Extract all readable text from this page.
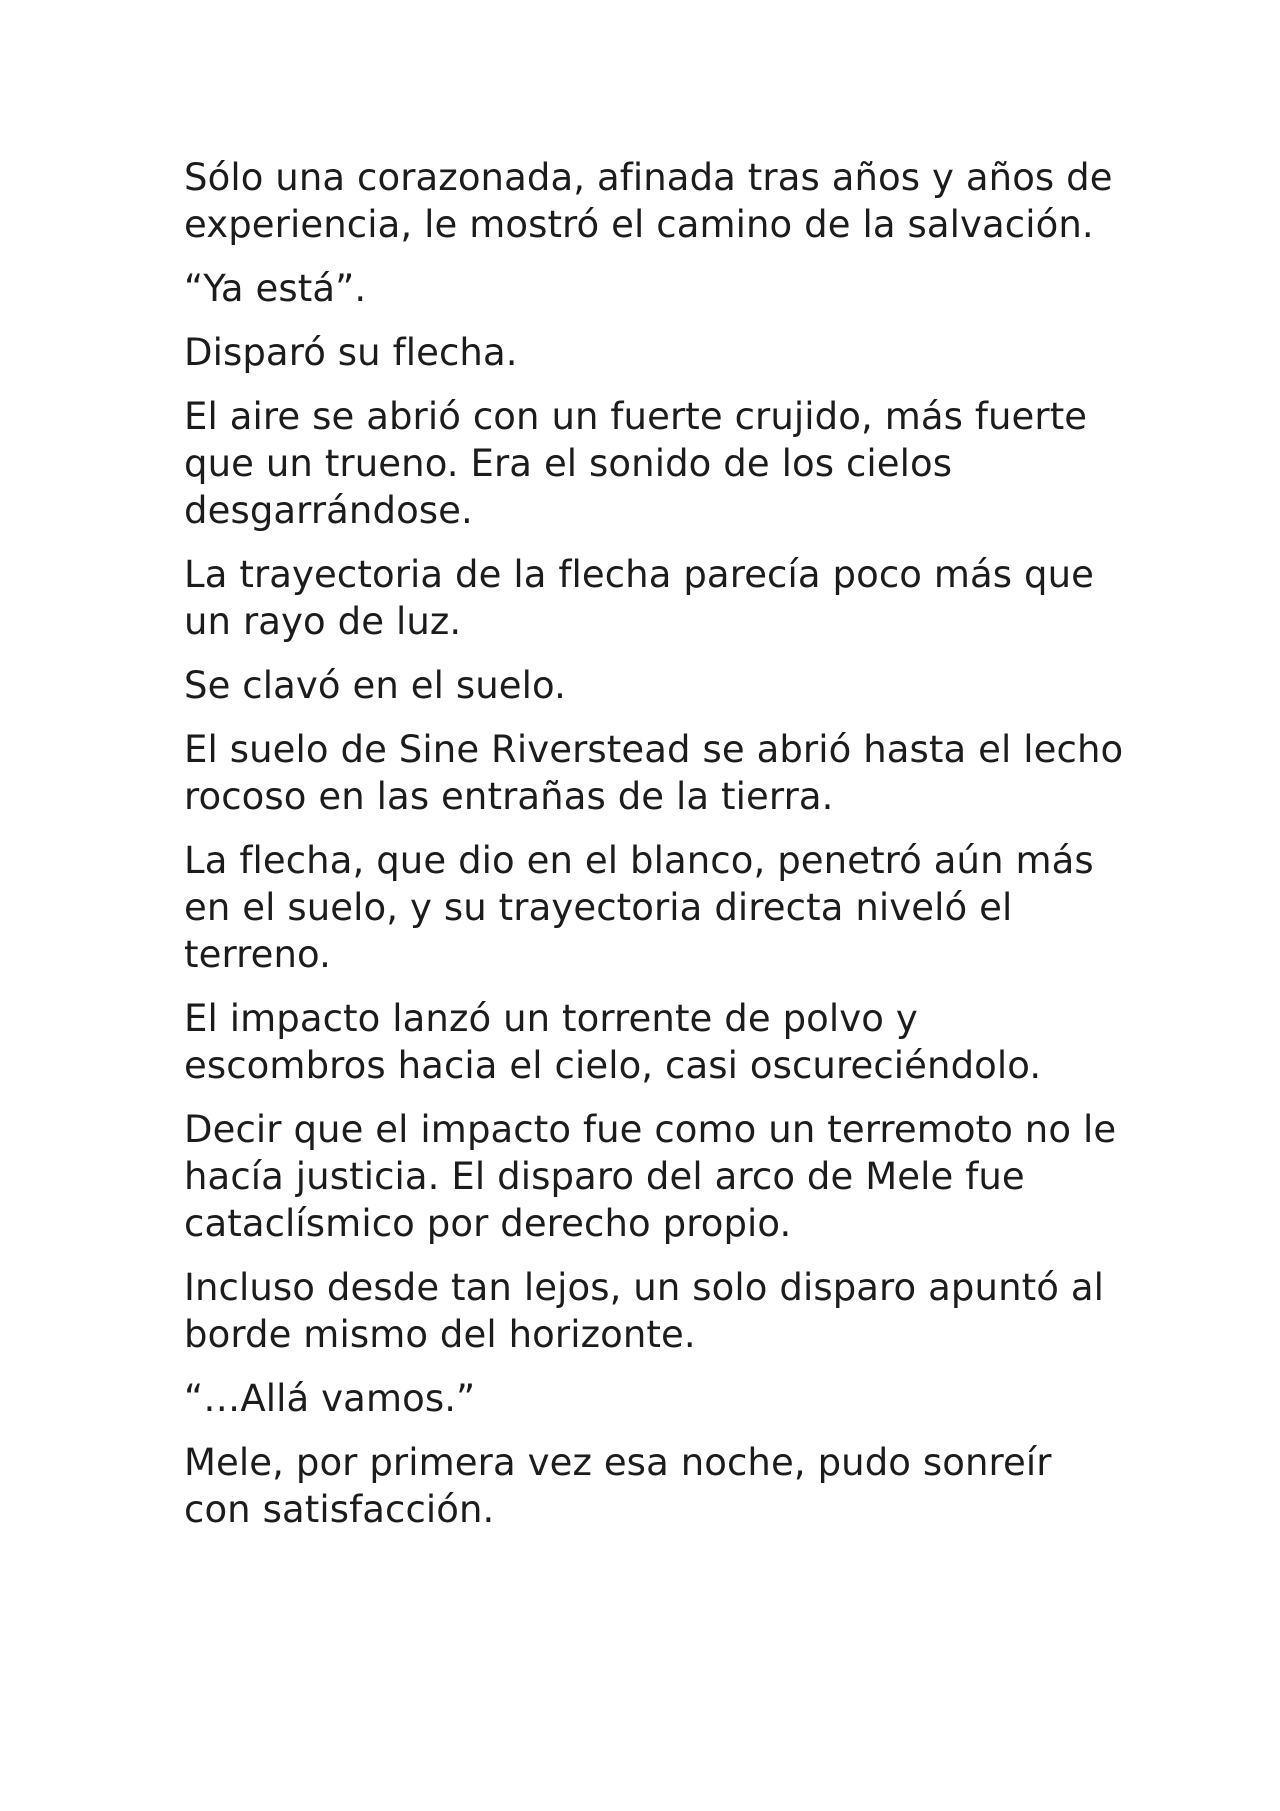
Sólo una corazonada, afinada tras años y años de experiencia, le mostró el camino de la salvación.

“Ya está”.

Disparó su flecha.

El aire se abrió con un fuerte crujido, más fuerte que un trueno. Era el sonido de los cielos desgarrándose.

La trayectoria de la flecha parecía poco más que un rayo de luz.

Se clavó en el suelo.

El suelo de Sine Riverstead se abrió hasta el lecho rocoso en las entrañas de la tierra.

La flecha, que dio en el blanco, penetró aún más en el suelo, y su trayectoria directa niveló el terreno.

El impacto lanzó un torrente de polvo y escombros hacia el cielo, casi oscureciéndolo.

Decir que el impacto fue como un terremoto no le hacía justicia. El disparo del arco de Mele fue cataclísmico por derecho propio.

Incluso desde tan lejos, un solo disparo apuntó al borde mismo del horizonte.

“…Allá vamos.”

Mele, por primera vez esa noche, pudo sonreír con satisfacción.
